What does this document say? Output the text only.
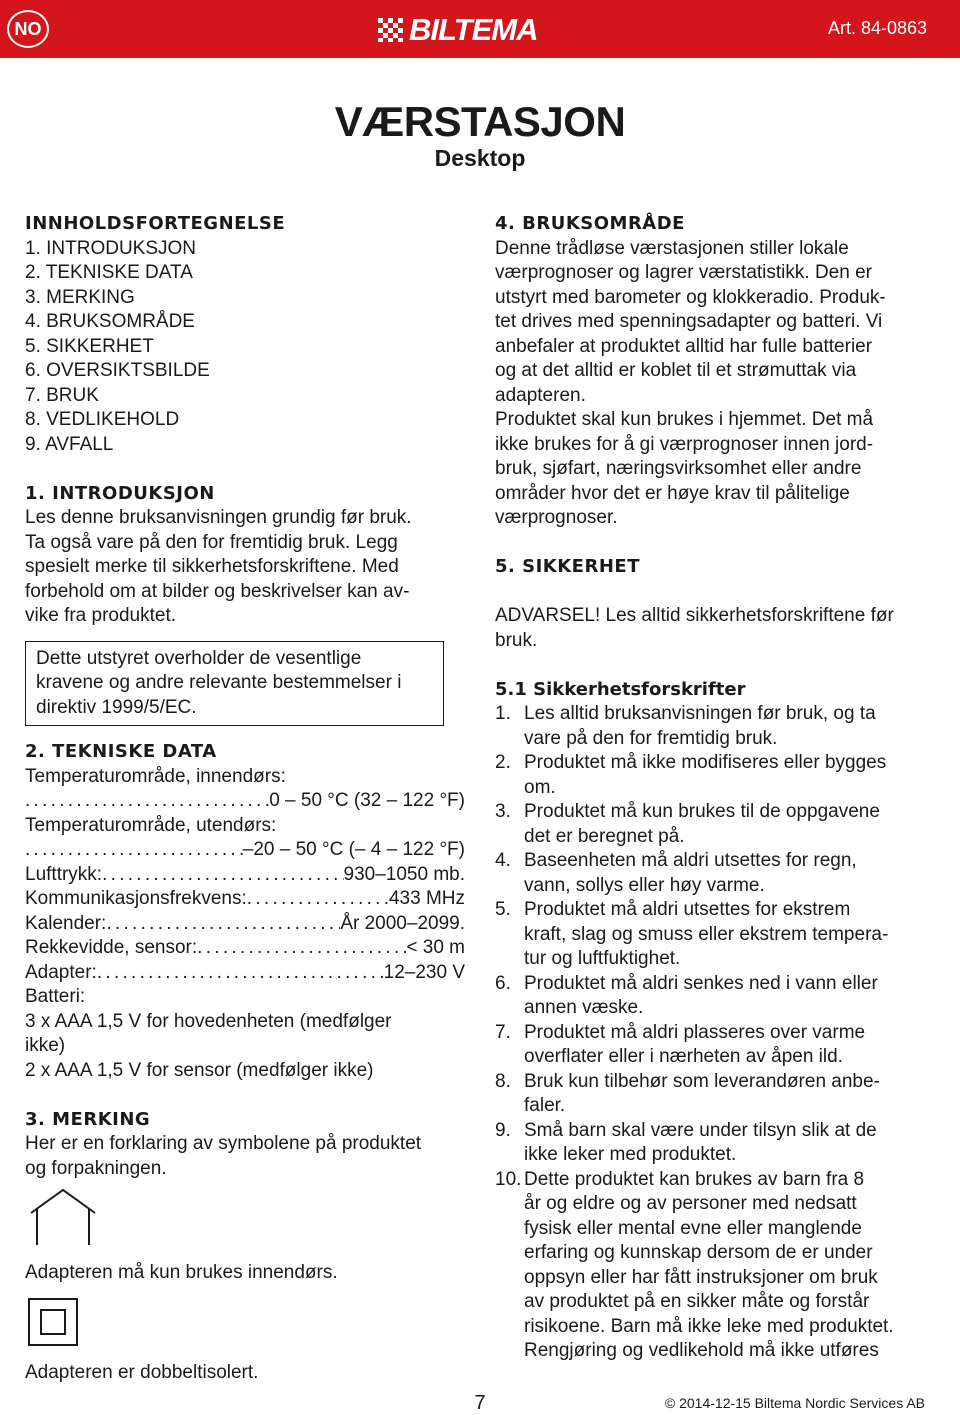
NO	BILTEMA	Art. 84-0863
VÆRSTASJON
Desktop
INNHOLDSFORTEGNELSE
1. INTRODUKSJON
2. TEKNISKE DATA
3. MERKING
4. BRUKSOMRÅDE
5. SIKKERHET
6. OVERSIKTSBILDE
7. BRUK
8. VEDLIKEHOLD
9. AVFALL
1. INTRODUKSJON

Les denne bruksanvisningen grundig før bruk.

Ta også vare på den for fremtidig bruk. Legg

spesielt merke til sikkerhetsforskriftene. Med

forbehold om at bilder og beskrivelser kan av-

vike fra produktet.

Dette utstyret overholder de vesentlige

kravene og andre relevante bestemmelser i

direktiv 1999/5/EC.

2. TEKNISKE DATA

Temperaturområde, innendørs:

. . .
0 – 50 °C (32 – 122 °F)

Temperaturområde, utendørs:

. . .
–20 – 50 °C (– 4 – 122 °F)
Lufttrykk: . . .	930–1050 mb.
Kommunikasjonsfrekvens: . . .	433 MHz
Kalender: . . .	År 2000–2099.
Rekkevidde, sensor: . . .	< 30 m
Adapter: . . .	12–230 V

Batteri:

3 x AAA 1,5 V for hovedenheten (medfølger

ikke)

2 x AAA 1,5 V for sensor (medfølger ikke)

3. MERKING

Her er en forklaring av symbolene på produktet

og forpakningen.

Adapteren må kun brukes innendørs.

Adapteren er dobbeltisolert.

4. BRUKSOMRÅDE

Denne trådløse værstasjonen stiller lokale

værprognoser og lagrer værstatistikk. Den er

utstyrt med barometer og klokkeradio. Produk-

tet drives med spenningsadapter og batteri. Vi

anbefaler at produktet alltid har fulle batterier

og at det alltid er koblet til et strømuttak via

adapteren.

Produktet skal kun brukes i hjemmet. Det må

ikke brukes for å gi værprognoser innen jord-

bruk, sjøfart, næringsvirksomhet eller andre

områder hvor det er høye krav til pålitelige

værprognoser.

5. SIKKERHET

ADVARSEL! Les alltid sikkerhetsforskriftene før

bruk.

5.1 Sikkerhetsforskrifter
1. Les alltid bruksanvisningen før bruk, og ta

vare på den for fremtidig bruk.

2. Produktet må ikke modifiseres eller bygges

om.

3. Produktet må kun brukes til de oppgavene

det er beregnet på.

4. Baseenheten må aldri utsettes for regn,

vann, sollys eller høy varme.

5. Produktet må aldri utsettes for ekstrem

kraft, slag og smuss eller ekstrem tempera-

tur og luftfuktighet.

6. Produktet må aldri senkes ned i vann eller

annen væske.

7. Produktet må aldri plasseres over varme

overflater eller i nærheten av åpen ild.

8. Bruk kun tilbehør som leverandøren anbe-

faler.

9. Små barn skal være under tilsyn slik at de

ikke leker med produktet.

10. Dette produktet kan brukes av barn fra 8

år og eldre og av personer med nedsatt

fysisk eller mental evne eller manglende

erfaring og kunnskap dersom de er under

oppsyn eller har fått instruksjoner om bruk

av produktet på en sikker måte og forstår

risikoene. Barn må ikke leke med produktet.

Rengjøring og vedlikehold må ikke utføres

7	© 2014-12-15 Biltema Nordic Services AB
